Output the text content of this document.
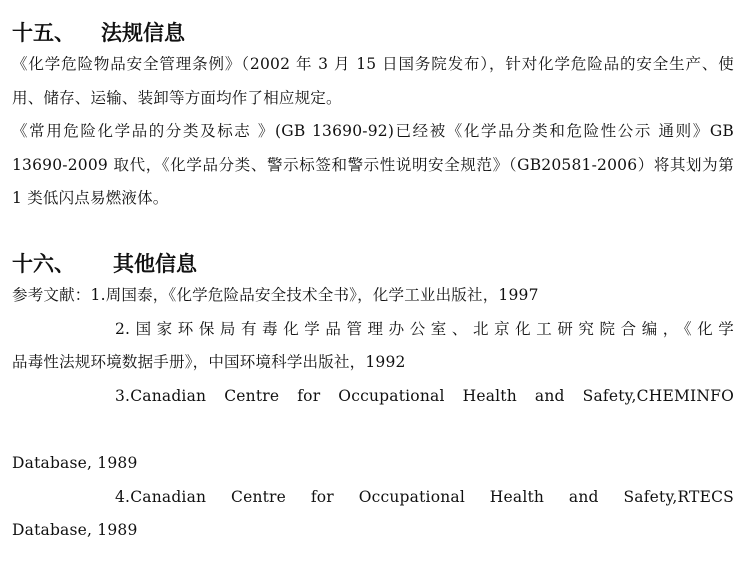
十五、 法规信息

《化学危险物品安全管理条例》（2002 年 3 月 15 日国务院发布），针对化学危险品的安全生产、使用、储存、运输、装卸等方面均作了相应规定。

《常用危险化学品的分类及标志 》(GB 13690-92)已经被《化学品分类和危险性公示 通则》GB 13690-2009 取代，《化学品分类、警示标签和警示性说明安全规范》（GB20581-2006）将其划为第 1 类低闪点易燃液体。

十六、 其他信息
参考文献：1.周国泰，《化学危险品安全技术全书》，化学工业出版社，1997
2.国家环保局有毒化学品管理办公室、北京化工研究院合编，《化学
品毒性法规环境数据手册》，中国环境科学出版社，1992
3.Canadian Centre for Occupational Health and Safety,CHEMINFO
Database, 1989
4.Canadian Centre for Occupational Health and Safety,RTECS
Database, 1989
